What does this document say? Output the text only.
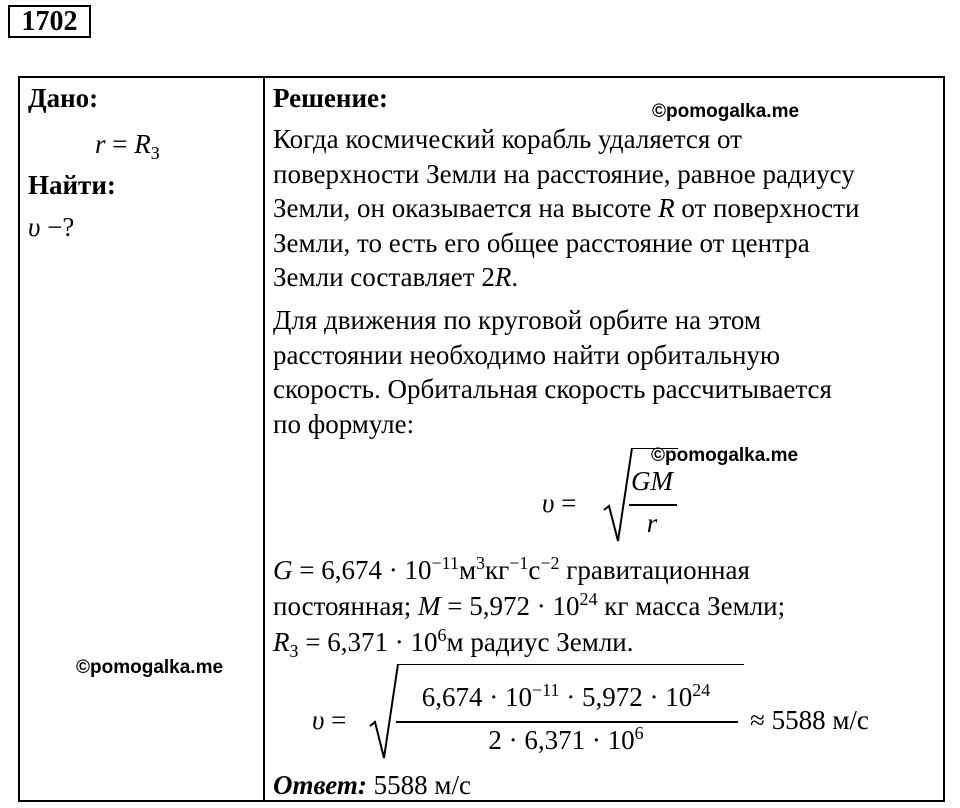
1702
Дано:
$r = R_З$
Найти:
υ −?
Решение:
Когда космический корабль удаляется от
поверхности Земли на расстояние, равное радиусу
Земли, он оказывается на высоте R от поверхности
Земли, то есть его общее расстояние от центра
Земли составляет 2R.
Для движения по круговой орбите на этом
расстоянии необходимо найти орбитальную
скорость. Орбитальная скорость рассчитывается
по формуле:
υ =
GM
r
$G = 6,674 \cdot 10^{-11}м^3кг^{-1}с^{-2}$ гравитационная
постоянная; $M = 5,972 \cdot 10^{24}$ кг масса Земли;
$R_З = 6,371 \cdot 10^6м$ радиус Земли.
υ =
$6,674 \cdot 10^{-11} \cdot 5,972 \cdot 10^{24}$
$2 \cdot 6,371 \cdot 10^6$	≈ 5588 м/с
Ответ: 5588 м/с
©pomogalka.me
©pomogalka.me
©pomogalka.me
